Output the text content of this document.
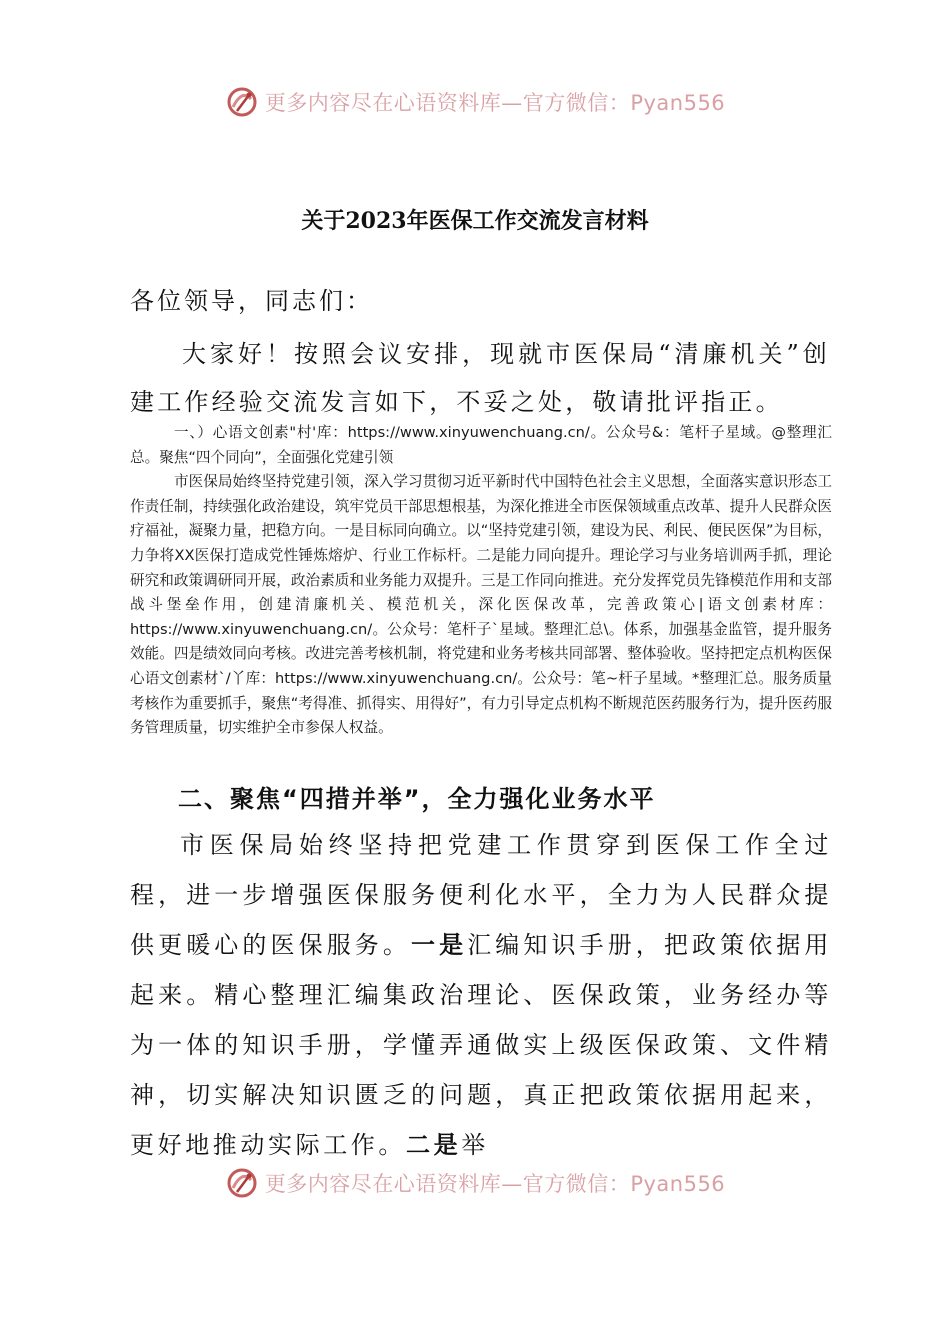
更多内容尽在心语资料库—官方微信：Pyan556
关于2023年医保工作交流发言材料
各位领导，同志们：
大家好！按照会议安排，现就市医保局“清廉机关”创建工作经验交流发言如下，不妥之处，敬请批评指正。

一、）心语文创素"村'库：https://www.xinyuwenchuang.cn/。公众号&：笔杆子星域。@整理汇总。聚焦“四个同向”，全面强化党建引领

市医保局始终坚持党建引领，深入学习贯彻习近平新时代中国特色社会主义思想，全面落实意识形态工作责任制，持续强化政治建设，筑牢党员干部思想根基，为深化推进全市医保领域重点改革、提升人民群众医疗福祉，凝聚力量，把稳方向。一是目标同向确立。以“坚持党建引领，建设为民、利民、便民医保”为目标，力争将XX医保打造成党性锤炼熔炉、行业工作标杆。二是能力同向提升。理论学习与业务培训两手抓，理论研究和政策调研同开展，政治素质和业务能力双提升。三是工作同向推进。充分发挥党员先锋模范作用和支部战斗堡垒作用，创建清廉机关、模范机关，深化医保改革，完善政策心|语文创素材库：https://www.xinyuwenchuang.cn/。公众号：笔杆子`星域。整理汇总\。体系，加强基金监管，提升服务效能。四是绩效同向考核。改进完善考核机制，将党建和业务考核共同部署、整体验收。坚持把定点机构医保心语文创素材`/丫库：https://www.xinyuwenchuang.cn/。公众号：笔~杆子星域。*整理汇总。服务质量考核作为重要抓手，聚焦“考得准、抓得实、用得好”，有力引导定点机构不断规范医药服务行为，提升医药服务管理质量，切实维护全市参保人权益。

二、聚焦“四措并举”，全力强化业务水平
市医保局始终坚持把党建工作贯穿到医保工作全过程，进一步增强医保服务便利化水平，全力为人民群众提供更暖心的医保服务。一是汇编知识手册，把政策依据用起来。精心整理汇编集政治理论、医保政策，业务经办等为一体的知识手册，学懂弄通做实上级医保政策、文件精神，切实解决知识匮乏的问题，真正把政策依据用起来，更好地推动实际工作。二是举
更多内容尽在心语资料库—官方微信：Pyan556
